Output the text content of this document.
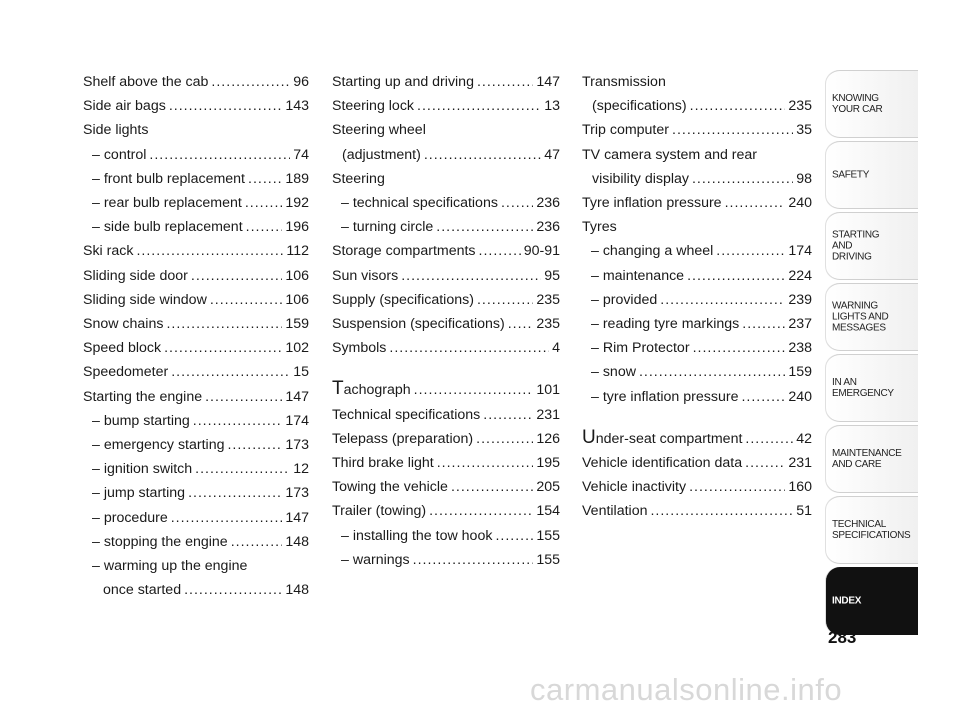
Shelf above the cab .....	96
Side air bags .....	143
Side lights
– control .....	74
– front bulb replacement .....	189
– rear bulb replacement .....	192
– side bulb replacement .....	196
Ski rack .....	112
Sliding side door .....	106
Sliding side window .....	106
Snow chains .....	159
Speed block .....	102
Speedometer .....	15
Starting the engine .....	147
– bump starting .....	174
– emergency starting .....	173
– ignition switch .....	12
– jump starting .....	173
– procedure .....	147
– stopping the engine .....	148
– warming up the engine
once started .....	148
Starting up and driving .....	147
Steering lock .....	13
Steering wheel
(adjustment) .....	47
Steering
– technical specifications .....	236
– turning circle .....	236
Storage compartments .....	90-91
Sun visors .....	95
Supply (specifications) .....	235
Suspension (specifications) ..... 235
Symbols .....	4
Tachograph .....	101
Technical specifications .....	231
Telepass (preparation) .....	126
Third brake light .....	195
Towing the vehicle .....	205
Trailer (towing) .....	154
– installing the tow hook .....	155
– warnings .....	155
Transmission
(specifications) .....	235
Trip computer .....	35
TV camera system and rear
visibility display .....	98
Tyre inflation pressure .....	240
Tyres
– changing a wheel .....	174
– maintenance .....	224
– provided .....	239
– reading tyre markings .....	237
– Rim Protector .....	238
– snow .....	159
– tyre inflation pressure .....	240
Under-seat compartment .....	42
Vehicle identification data .....	231
Vehicle inactivity .....	160
Ventilation .....	51
KNOWING
YOUR CAR
SAFETY
STARTING
AND
DRIVING
WARNING
LIGHTS AND
MESSAGES
IN AN
EMERGENCY
MAINTENANCE
AND CARE
TECHNICAL
SPECIFICATIONS
INDEX
283
carmanualsonline.info
